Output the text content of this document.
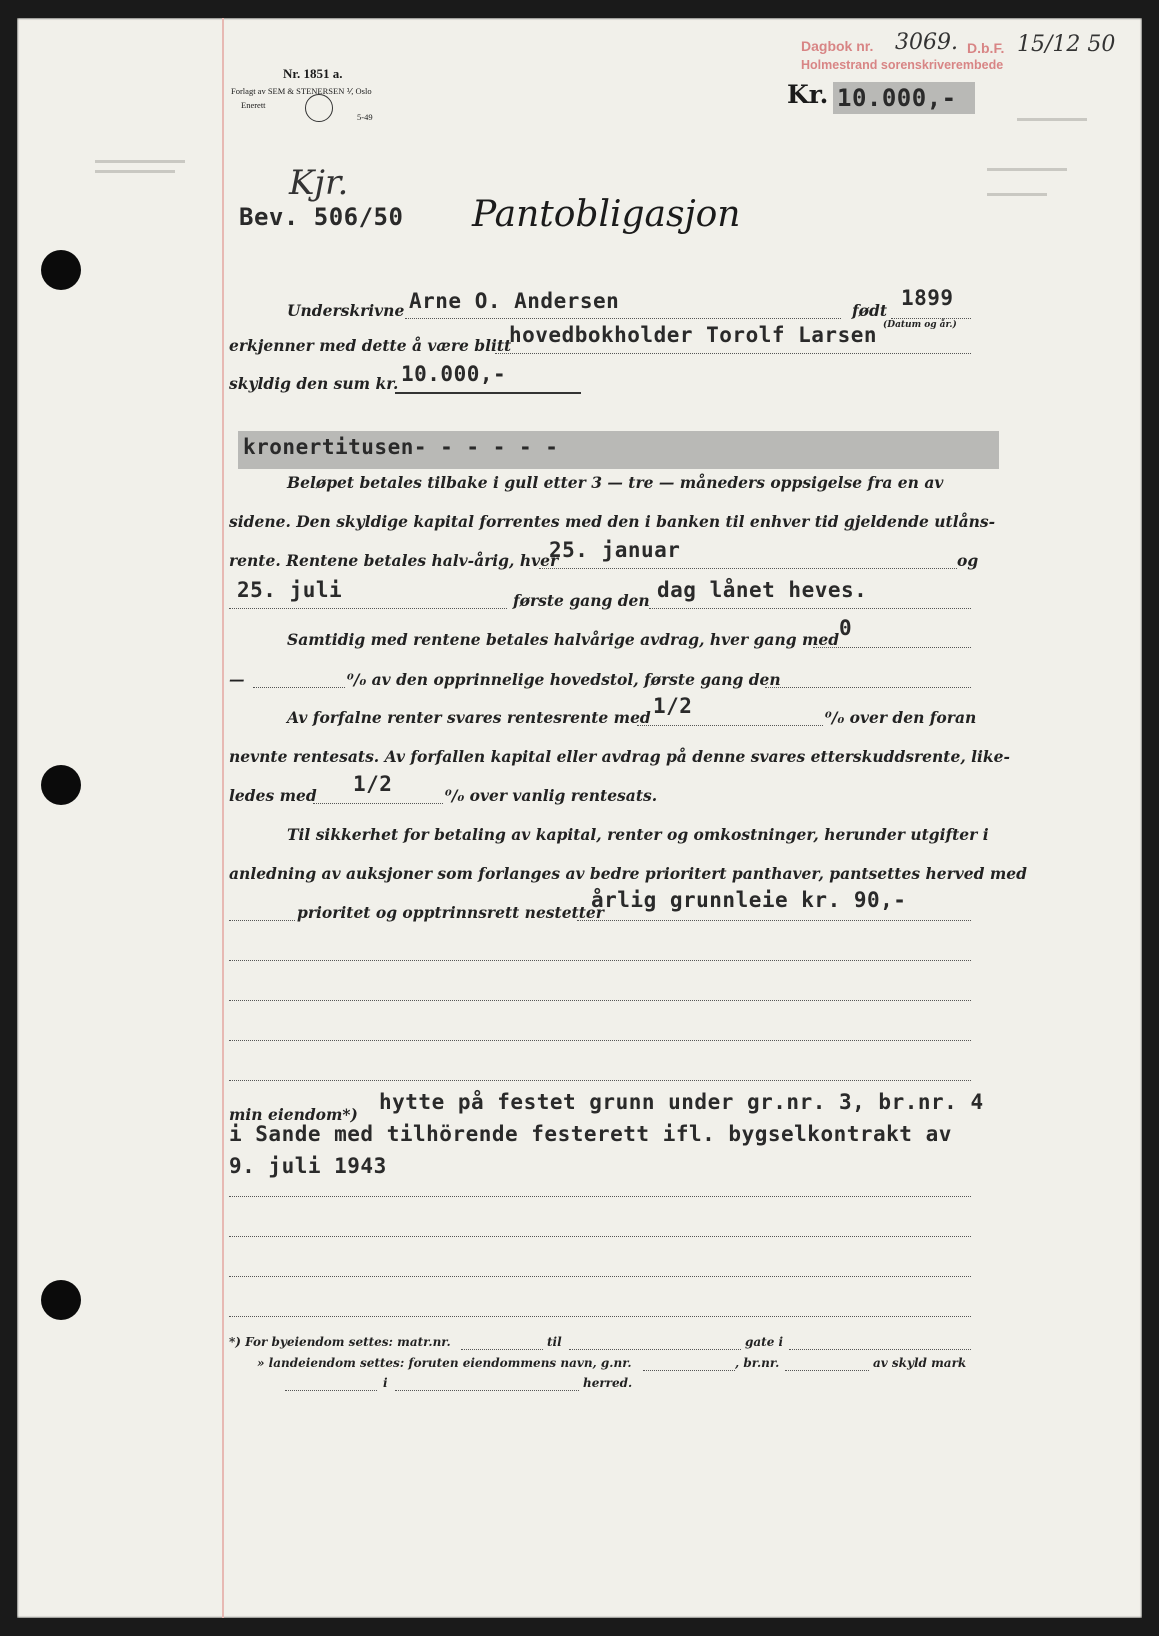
Nr. 1851 a.
Forlagt av SEM & STENERSEN ⅟, Oslo
Enerett
5-49
Dagbok nr. 3069. D.b.F.
Holmestrand sorenskriverembede
15/12 50
Kr. 10.000,-
Kjr.
Bev. 506/50 Pantobligasjon
Underskrivne Arne O. Andersen	født
1899
erkjenner med dette å være blitt
hovedbokholder Torolf Larsen (Datum og år.)
skyldig den sum kr. 10.000,-
kronertitusen- - - - - -
Beløpet betales tilbake i gull etter 3 — tre — måneders oppsigelse fra en av
sidene. Den skyldige kapital forrentes med den i banken til enhver tid gjeldende utlåns-
rente. Rentene betales halv-årig, hver
25. januar	og
25. juli	første gang den dag lånet heves.
Samtidig med rentene betales halvårige avdrag, hver gang med 0
—	⁰/₀ av den opprinnelige hovedstol, første gang den
Av forfalne renter svares rentesrente med 1/2	⁰/₀ over den foran
nevnte rentesats. Av forfallen kapital eller avdrag på denne svares etterskuddsrente, like-
ledes med 1/2	⁰/₀ over vanlig rentesats.
Til sikkerhet for betaling av kapital, renter og omkostninger, herunder utgifter i
anledning av auksjoner som forlanges av bedre prioritert panthaver, pantsettes herved med
prioritet og opptrinnsrett nestetter
årlig grunnleie kr. 90,-
min eiendom*)
hytte på festet grunn under gr.nr. 3, br.nr. 4
i Sande med tilhörende festerett ifl. bygselkontrakt av
9. juli 1943
*) For byeiendom settes: matr.nr.	til	gate i
» landeiendom settes: foruten eiendommens navn, g.nr.	, br.nr.	av skyld mark
i	herred.
